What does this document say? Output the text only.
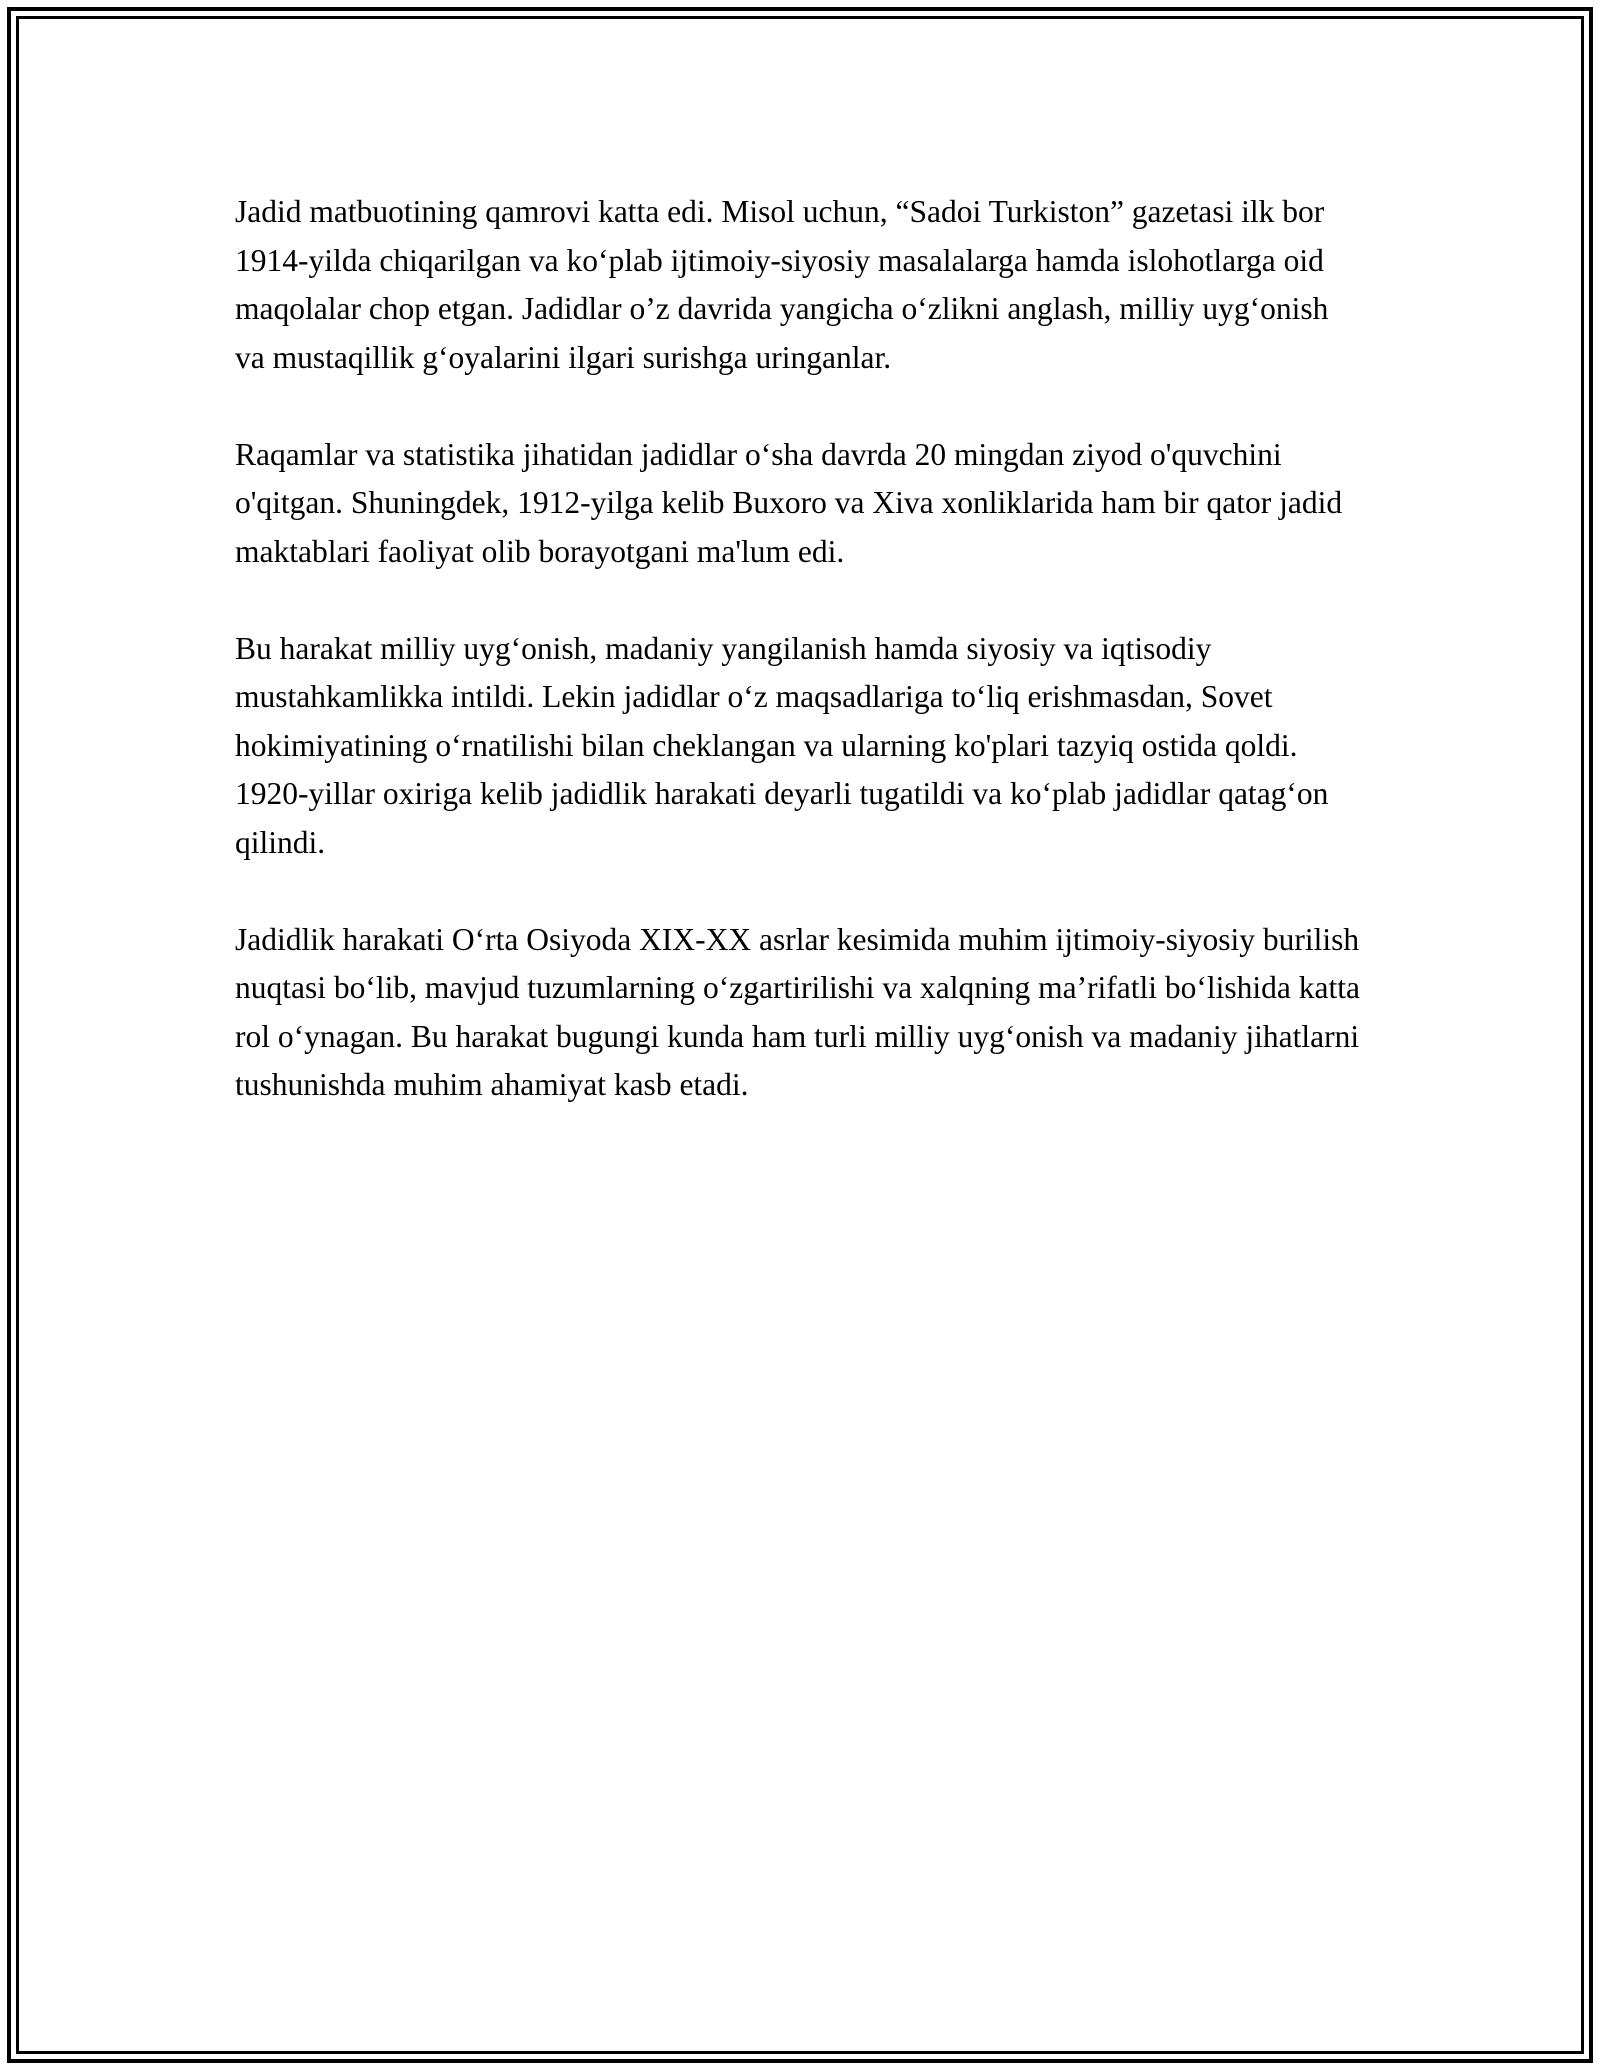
Jadid matbuotining qamrovi katta edi. Misol uchun, “Sadoi Turkiston” gazetasi ilk bor 1914-yilda chiqarilgan va koʻplab ijtimoiy-siyosiy masalalarga hamda islohotlarga oid maqolalar chop etgan. Jadidlar o’z davrida yangicha oʻzlikni anglash, milliy uygʻonish va mustaqillik gʻoyalarini ilgari surishga uringanlar.

Raqamlar va statistika jihatidan jadidlar oʻsha davrda 20 mingdan ziyod o'quvchini o'qitgan. Shuningdek, 1912-yilga kelib Buxoro va Xiva xonliklarida ham bir qator jadid maktablari faoliyat olib borayotgani ma'lum edi.

Bu harakat milliy uygʻonish, madaniy yangilanish hamda siyosiy va iqtisodiy mustahkamlikka intildi. Lekin jadidlar oʻz maqsadlariga toʻliq erishmasdan, Sovet hokimiyatining oʻrnatilishi bilan cheklangan va ularning ko'plari tazyiq ostida qoldi. 1920-yillar oxiriga kelib jadidlik harakati deyarli tugatildi va koʻplab jadidlar qatagʻon qilindi.

Jadidlik harakati Oʻrta Osiyoda XIX-XX asrlar kesimida muhim ijtimoiy-siyosiy burilish nuqtasi boʻlib, mavjud tuzumlarning oʻzgartirilishi va xalqning maʼrifatli boʻlishida katta rol oʻynagan. Bu harakat bugungi kunda ham turli milliy uygʻonish va madaniy jihatlarni tushunishda muhim ahamiyat kasb etadi.
